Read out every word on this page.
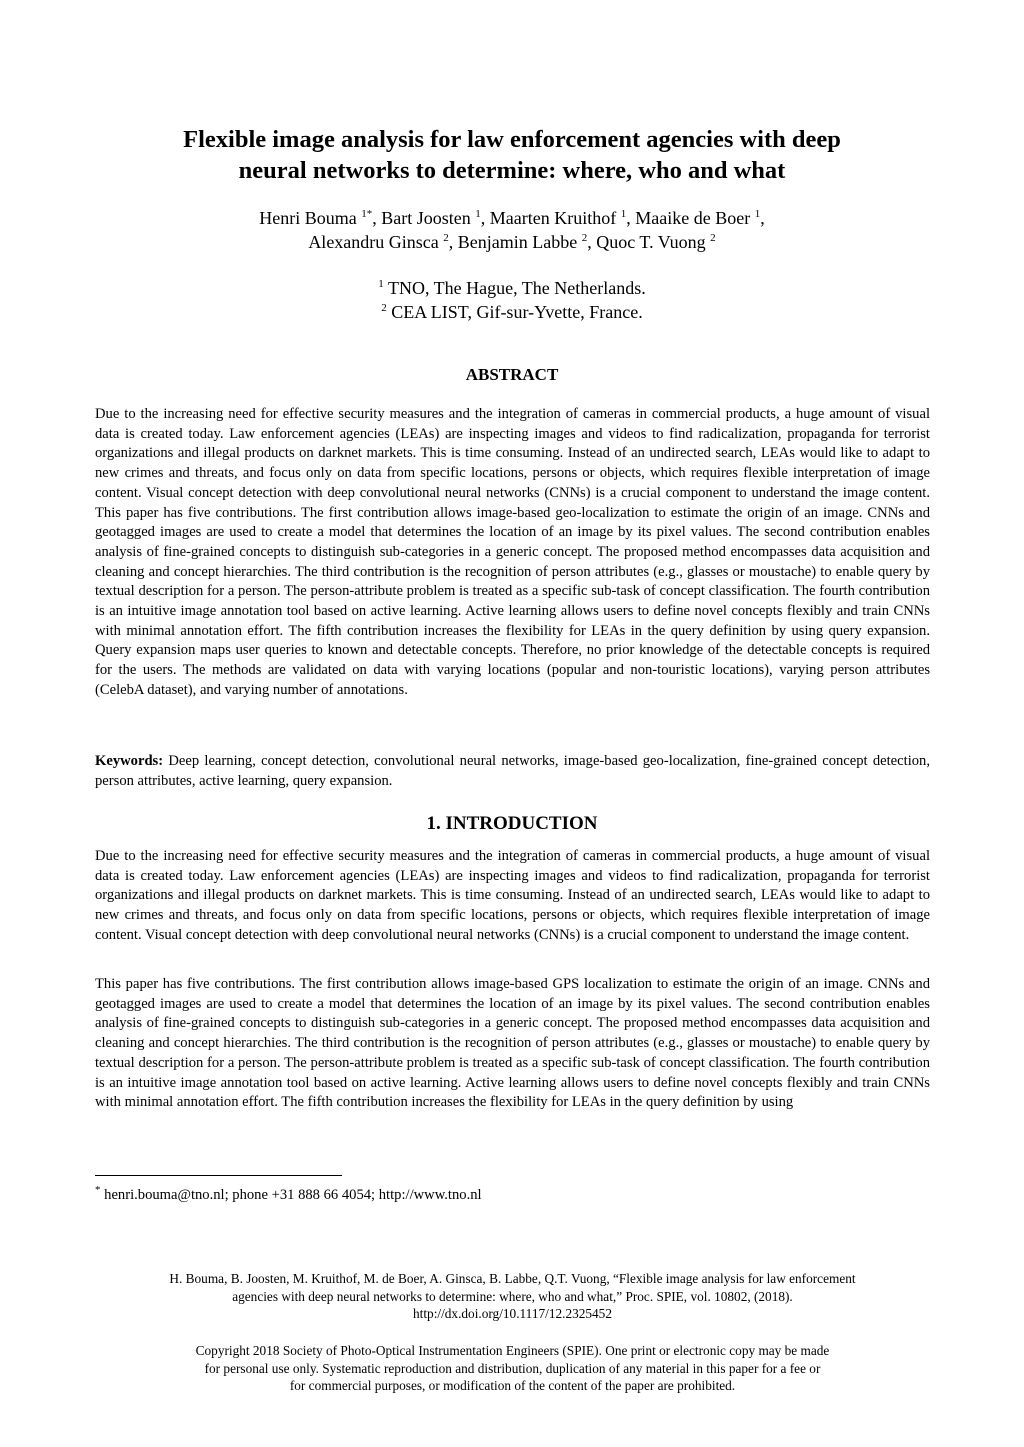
Flexible image analysis for law enforcement agencies with deep
neural networks to determine: where, who and what
Henri Bouma $^{1*}$, Bart Joosten $^1$, Maarten Kruithof $^1$, Maaike de Boer $^1$,
Alexandru Ginsca $^2$, Benjamin Labbe $^2$, Quoc T. Vuong $^2$
$^1$ TNO, The Hague, The Netherlands.
$^2$ CEA LIST, Gif-sur-Yvette, France.
ABSTRACT

Due to the increasing need for effective security measures and the integration of cameras in commercial products, a huge amount of visual data is created today. Law enforcement agencies (LEAs) are inspecting images and videos to find radicalization, propaganda for terrorist organizations and illegal products on darknet markets. This is time consuming. Instead of an undirected search, LEAs would like to adapt to new crimes and threats, and focus only on data from specific locations, persons or objects, which requires flexible interpretation of image content. Visual concept detection with deep convolutional neural networks (CNNs) is a crucial component to understand the image content. This paper has five contributions. The first contribution allows image-based geo-localization to estimate the origin of an image. CNNs and geotagged images are used to create a model that determines the location of an image by its pixel values. The second contribution enables analysis of fine-grained concepts to distinguish sub-categories in a generic concept. The proposed method encompasses data acquisition and cleaning and concept hierarchies. The third contribution is the recognition of person attributes (e.g., glasses or moustache) to enable query by textual description for a person. The person-attribute problem is treated as a specific sub-task of concept classification. The fourth contribution is an intuitive image annotation tool based on active learning. Active learning allows users to define novel concepts flexibly and train CNNs with minimal annotation effort. The fifth contribution increases the flexibility for LEAs in the query definition by using query expansion. Query expansion maps user queries to known and detectable concepts. Therefore, no prior knowledge of the detectable concepts is required for the users. The methods are validated on data with varying locations (popular and non-touristic locations), varying person attributes (CelebA dataset), and varying number of annotations.

Keywords: Deep learning, concept detection, convolutional neural networks, image-based geo-localization, fine-grained concept detection, person attributes, active learning, query expansion.

1. INTRODUCTION

Due to the increasing need for effective security measures and the integration of cameras in commercial products, a huge amount of visual data is created today. Law enforcement agencies (LEAs) are inspecting images and videos to find radicalization, propaganda for terrorist organizations and illegal products on darknet markets. This is time consuming. Instead of an undirected search, LEAs would like to adapt to new crimes and threats, and focus only on data from specific locations, persons or objects, which requires flexible interpretation of image content. Visual concept detection with deep convolutional neural networks (CNNs) is a crucial component to understand the image content.

This paper has five contributions. The first contribution allows image-based GPS localization to estimate the origin of an image. CNNs and geotagged images are used to create a model that determines the location of an image by its pixel values. The second contribution enables analysis of fine-grained concepts to distinguish sub-categories in a generic concept. The proposed method encompasses data acquisition and cleaning and concept hierarchies. The third contribution is the recognition of person attributes (e.g., glasses or moustache) to enable query by textual description for a person. The person-attribute problem is treated as a specific sub-task of concept classification. The fourth contribution is an intuitive image annotation tool based on active learning. Active learning allows users to define novel concepts flexibly and train CNNs with minimal annotation effort. The fifth contribution increases the flexibility for LEAs in the query definition by using

* henri.bouma@tno.nl; phone +31 888 66 4054; http://www.tno.nl
H. Bouma, B. Joosten, M. Kruithof, M. de Boer, A. Ginsca, B. Labbe, Q.T. Vuong, “Flexible image analysis for law enforcement
agencies with deep neural networks to determine: where, who and what,” Proc. SPIE, vol. 10802, (2018).
http://dx.doi.org/10.1117/12.2325452
Copyright 2018 Society of Photo-Optical Instrumentation Engineers (SPIE). One print or electronic copy may be made
for personal use only. Systematic reproduction and distribution, duplication of any material in this paper for a fee or
for commercial purposes, or modification of the content of the paper are prohibited.
